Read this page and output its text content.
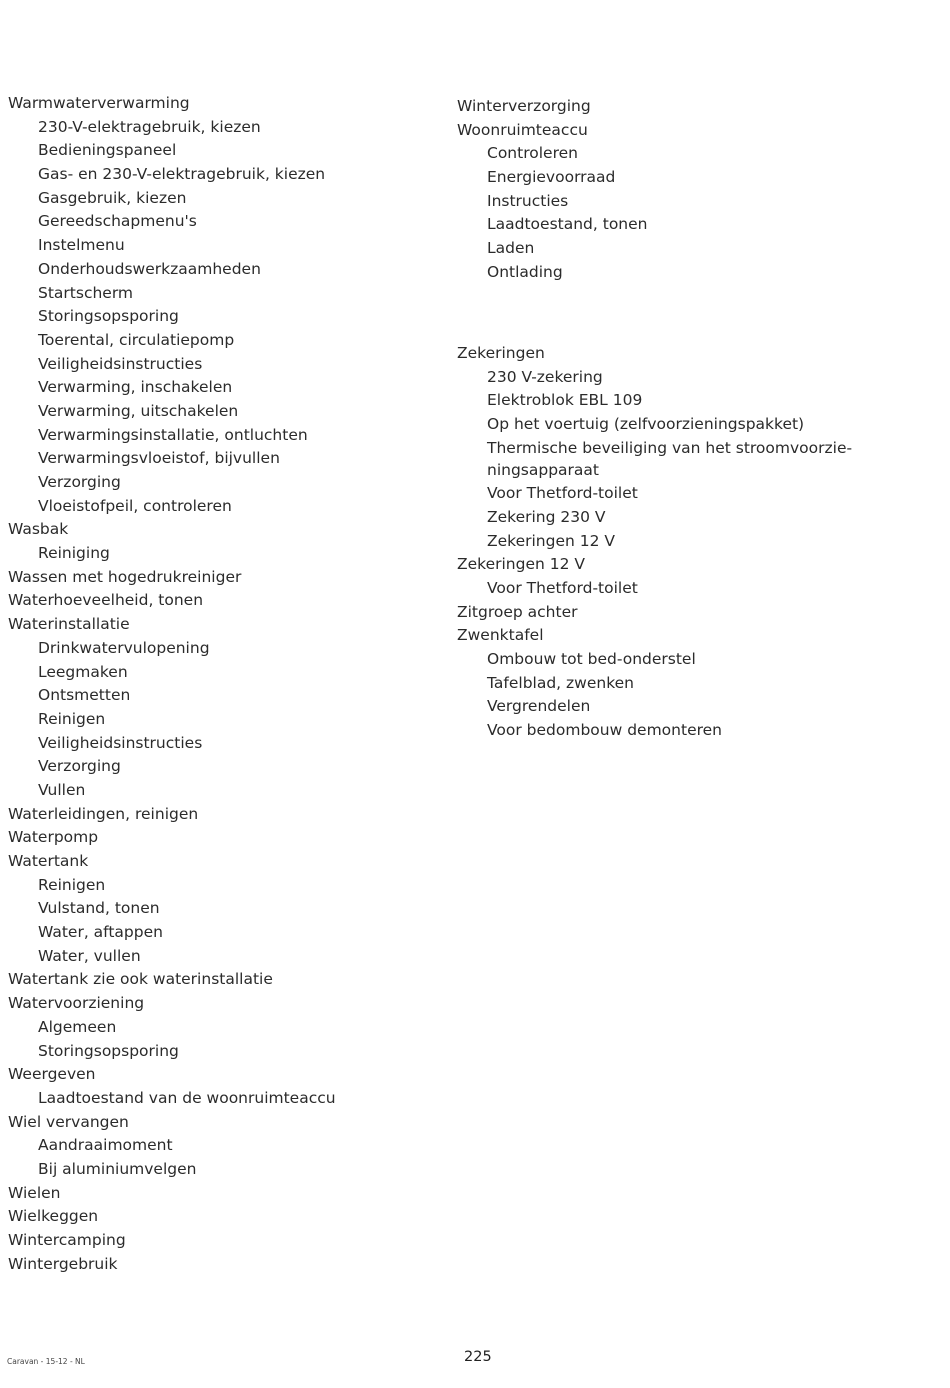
Warmwaterverwarming
230-V-elektragebruik, kiezen
Bedieningspaneel
Gas- en 230-V-elektragebruik, kiezen
Gasgebruik, kiezen
Gereedschapmenu's
Instelmenu
Onderhoudswerkzaamheden
Startscherm
Storingsopsporing
Toerental, circulatiepomp
Veiligheidsinstructies
Verwarming, inschakelen
Verwarming, uitschakelen
Verwarmingsinstallatie, ontluchten
Verwarmingsvloeistof, bijvullen
Verzorging
Vloeistofpeil, controleren
Wasbak
Reiniging
Wassen met hogedrukreiniger
Waterhoeveelheid, tonen
Waterinstallatie
Drinkwatervulopening
Leegmaken
Ontsmetten
Reinigen
Veiligheidsinstructies
Verzorging
Vullen
Waterleidingen, reinigen
Waterpomp
Watertank
Reinigen
Vulstand, tonen
Water, aftappen
Water, vullen
Watertank zie ook waterinstallatie
Watervoorziening
Algemeen
Storingsopsporing
Weergeven
Laadtoestand van de woonruimteaccu
Wiel vervangen
Aandraaimoment
Bij aluminiumvelgen
Wielen
Wielkeggen
Wintercamping
Wintergebruik
Winterverzorging
Woonruimteaccu
Controleren
Energievoorraad
Instructies
Laadtoestand, tonen
Laden
Ontlading
Zekeringen
230 V-zekering
Elektroblok EBL 109
Op het voertuig (zelfvoorzieningspakket)
Thermische beveiliging van het stroomvoorzie-ningsapparaat
Voor Thetford-toilet
Zekering 230 V
Zekeringen 12 V
Zekeringen 12 V
Voor Thetford-toilet
Zitgroep achter
Zwenktafel
Ombouw tot bed-onderstel
Tafelblad, zwenken
Vergrendelen
Voor bedombouw demonteren
Caravan - 15-12 - NL	225
